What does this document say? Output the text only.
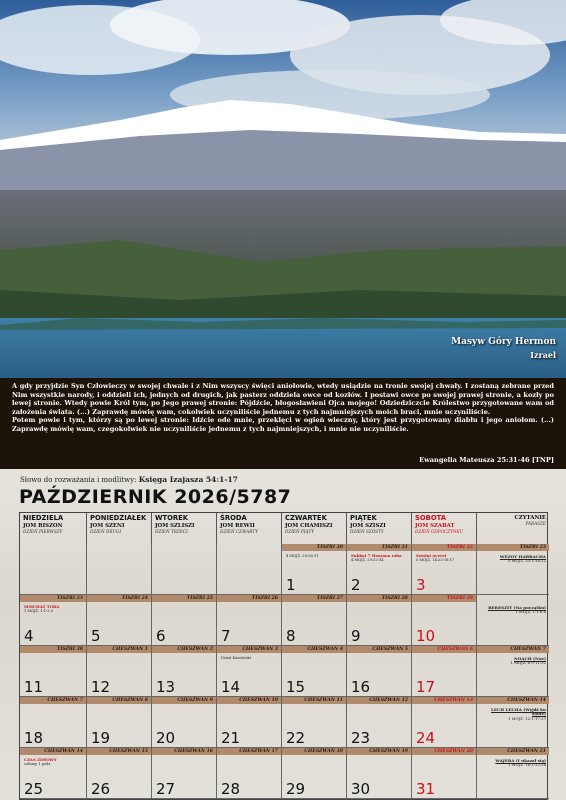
Masyw Góry Hermon
Izrael

A gdy przyjdzie Syn Człowieczy w swojej chwale i z Nim wszyscy święci aniołowie, wtedy usiądzie na tronie swojej chwały. I zostaną zebrane przed Nim wszystkie narody, i oddzieli ich, jednych od drugich, jak pasterz oddziela owce od kozłów. I postawi owce po swojej prawej stronie, a kozły po lewej stronie. Wtedy powie Król tym, po Jego prawej stronie: Pójdźcie, błogosławieni Ojca mojego! Odziedziczcie Królestwo przygotowane wam od założenia świata. (...) Zaprawdę mówię wam, cokolwiek uczyniliście jednemu z tych najmniejszych moich braci, mnie uczyniliście.

Potem powie i tym, którzy są po lewej stronie: Idźcie ode mnie, przeklęci w ogień wieczny, który jest przygotowany diabłu i jego aniołom. (...) Zaprawdę mówię wam, czegokolwiek nie uczyniliście jednemu z tych najmniejszych, i mnie nie uczyniliście.

Ewangelia Mateusza 25:31-46 [TNP]
Słowo do rozważania i modlitwy: Księga Izajasza 54:1-17
PAŹDZIERNIK 2026/5787
NIEDZIELA
JOM RISZON
DZIEŃ PIERWSZY
PONIEDZIAŁEK
JOM SZENI
DZIEŃ DRUGI
WTOREK
JOM SZLISZI
DZIEŃ TRZECI
ŚRODA
JOM REWII
DZIEŃ CZWARTY
CZWARTEK
JOM CHAMISZI
DZIEŃ PIĄTY
PIĄTEK
JOM SZISZI
DZIEŃ SZÓSTY
SOBOTA
JOM SZABAT
DZIEŃ ODPOCZYNKU
CZYTANIE
PARASZE
TISZRI 20
1
4 MOJŻ. 29:26-31
TISZRI 21
2
Sukkot 7 Hoszana raba
4 MOJŻ. 29:32-34
TISZRI 22
3
Szmini Aceret
5 MOJŻ. 14:22-16:17
TISZRI 23
WEZOT HABRACHA
5 MOJŻ. 33:1-34:12
TISZRI 23
4
SIMCHAT TORA
1 MOJŻ. 1:1-2:3
TISZRI 24
5
TISZRI 25
6
TISZRI 26
7
TISZRI 27
8
TISZRI 28
9
TISZRI 29
10
BERESZIT (Na początku)
1 MOJŻ. 1:1-6:8
TISZRI 30
11
CHESZWAN 1
12
CHESZWAN 2
13
CHESZWAN 3
14
Dzień Kaszubski
CHESZWAN 4
15
CHESZWAN 5
16
CHESZWAN 6
17
CHESZWAN 7
NOACH (Noe)
1 MOJŻ. 6:9-11:32
CHESZWAN 7
18
CHESZWAN 8
19
CHESZWAN 9
20
CHESZWAN 10
21
CHESZWAN 11
22
CHESZWAN 12
23
CHESZWAN 13
24
CHESZWAN 14
LECH LECHA (Wyjdź ku sobie)
1 MOJŻ. 12:1-17:27
CHESZWAN 14
25
CZAS ZIMOWY
cofamy 1 godz.
CHESZWAN 15
26
CHESZWAN 16
27
CHESZWAN 17
28
CHESZWAN 18
29
CHESZWAN 19
30
CHESZWAN 20
31
CHESZWAN 21
WAJERA (I ukazał się)
1 MOJŻ. 18:1-22:24
